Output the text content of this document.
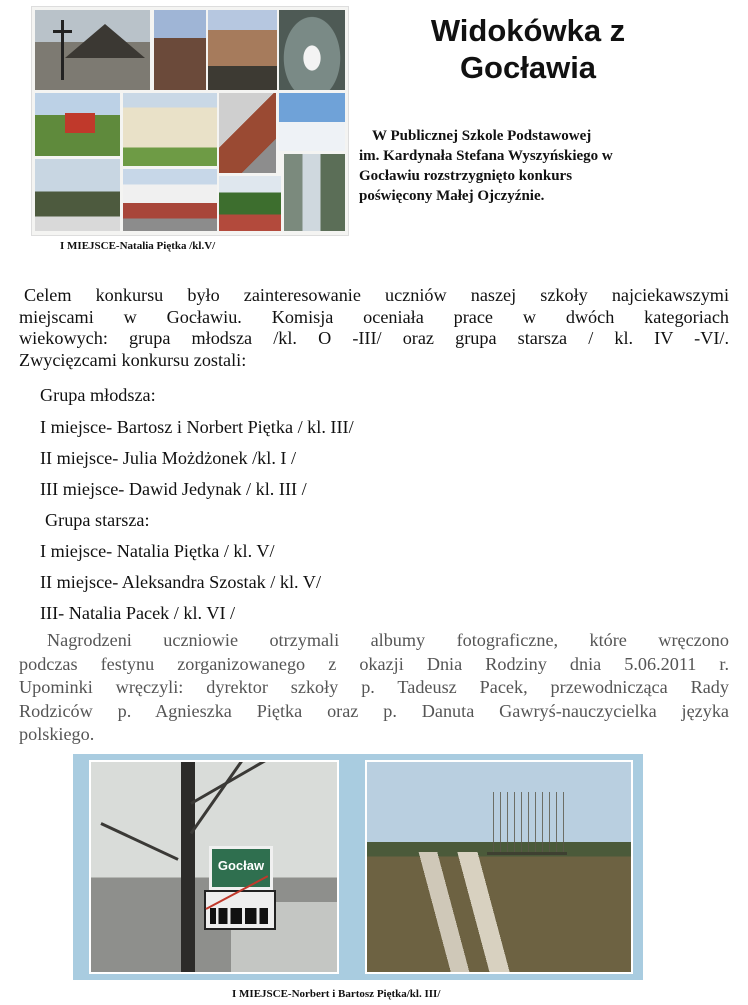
I MIEJSCE-Natalia Piętka /kl.V/
Widokówka z
Gocławia
W Publicznej Szkole Podstawowej
im. Kardynała Stefana Wyszyńskiego w
Gocławiu rozstrzygnięto konkurs
poświęcony Małej Ojczyźnie.
Celem konkursu było zainteresowanie uczniów naszej szkoły najciekawszymi
miejscami w Gocławiu. Komisja oceniała prace w dwóch kategoriach
wiekowych: grupa młodsza /kl. O -III/ oraz grupa starsza / kl. IV -VI/.
Zwycięzcami konkursu zostali:
Grupa młodsza:
I miejsce- Bartosz i Norbert Piętka / kl. III/
II miejsce- Julia Możdżonek /kl. I /
III miejsce- Dawid Jedynak / kl. III /
Grupa starsza:
I miejsce- Natalia Piętka / kl. V/
II miejsce- Aleksandra Szostak / kl. V/
III- Natalia Pacek / kl. VI /
Nagrodzeni uczniowie otrzymali albumy fotograficzne, które wręczono
podczas festynu zorganizowanego z okazji Dnia Rodziny dnia 5.06.2011 r.
Upominki wręczyli: dyrektor szkoły p. Tadeusz Pacek, przewodnicząca Rady
Rodziców p. Agnieszka Piętka oraz p. Danuta Gawryś-nauczycielka języka
polskiego.
Gocław
I MIEJSCE-Norbert i Bartosz Piętka/kl. III/
